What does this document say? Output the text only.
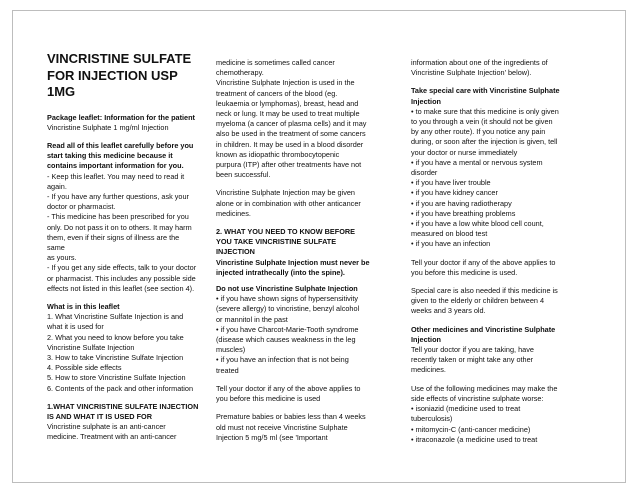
VINCRISTINE SULFATE
FOR INJECTION USP
1MG

Package leaflet: Information for the patient

Vincristine Sulphate 1 mg/ml Injection

Read all of this leaflet carefully before you

start taking this medicine because it

contains important information for you.

- Keep this leaflet. You may need to read it

again.

- If you have any further questions, ask your

doctor or pharmacist.

- This medicine has been prescribed for you

only. Do not pass it on to others. It may harm

them, even if their signs of illness are the same

as yours.

- If you get any side effects, talk to your doctor

or pharmacist. This includes any possible side

effects not listed in this leaflet (see section 4).

What is in this leaflet

1. What Vincristine Sulfate Injection is and

what it is used for

2. What you need to know before you take

Vincristine Sulfate Injection

3. How to take Vincristine Sulfate Injection

4. Possible side effects

5. How to store Vincristine Sulfate Injection

6. Contents of the pack and other information

1.WHAT VINCRISTINE SULFATE INJECTION

IS AND WHAT IT IS USED FOR

Vincristine sulphate is an anti-cancer

medicine. Treatment with an anti-cancer

medicine is sometimes called cancer

chemotherapy.

Vincristine Sulphate Injection is used in the

treatment of cancers of the blood (eg.

leukaemia or lymphomas), breast, head and

neck or lung. It may be used to treat multiple

myeloma (a cancer of plasma cells) and it may

also be used in the treatment of some cancers

in children. It may be used in a blood disorder

known as idiopathic thrombocytopenic

purpura (ITP) after other treatments have not

been successful.

Vincristine Sulphate Injection may be given

alone or in combination with other anticancer

medicines.

2. WHAT YOU NEED TO KNOW BEFORE

YOU TAKE VINCRISTINE SULFATE

INJECTION

Vincristine Sulphate Injection must never be

injected intrathecally (into the spine).

Do not use Vincristine Sulphate Injection

• if you have shown signs of hypersensitivity

(severe allergy) to vincristine, benzyl alcohol

or mannitol in the past

• if you have Charcot-Marie-Tooth syndrome

(disease which causes weakness in the leg

muscles)

• if you have an infection that is not being

treated

Tell your doctor if any of the above applies to

you before this medicine is used

Premature babies or babies less than 4 weeks

old must not receive Vincristine Sulphate

Injection 5 mg/5 ml (see 'Important

information about one of the ingredients of

Vincristine Sulphate Injection' below).

Take special care with Vincristine Sulphate

Injection

• to make sure that this medicine is only given

to you through a vein (it should not be given

by any other route). If you notice any pain

during, or soon after the injection is given, tell

your doctor or nurse immediately

• if you have a mental or nervous system

disorder

• if you have liver trouble

• if you have kidney cancer

• if you are having radiotherapy

• if you have breathing problems

• if you have a low white blood cell count,

measured on blood test

• if you have an infection

Tell your doctor if any of the above applies to

you before this medicine is used.

Special care is also needed if this medicine is

given to the elderly or children between 4

weeks and 3 years old.

Other medicines and Vincristine Sulphate

Injection

Tell your doctor if you are taking, have

recently taken or might take any other

medicines.

Use of the following medicines may make the

side effects of vincristine sulphate worse:

• isoniazid (medicine used to treat

tuberculosis)

• mitomycin-C (anti-cancer medicine)

• itraconazole (a medicine used to treat
